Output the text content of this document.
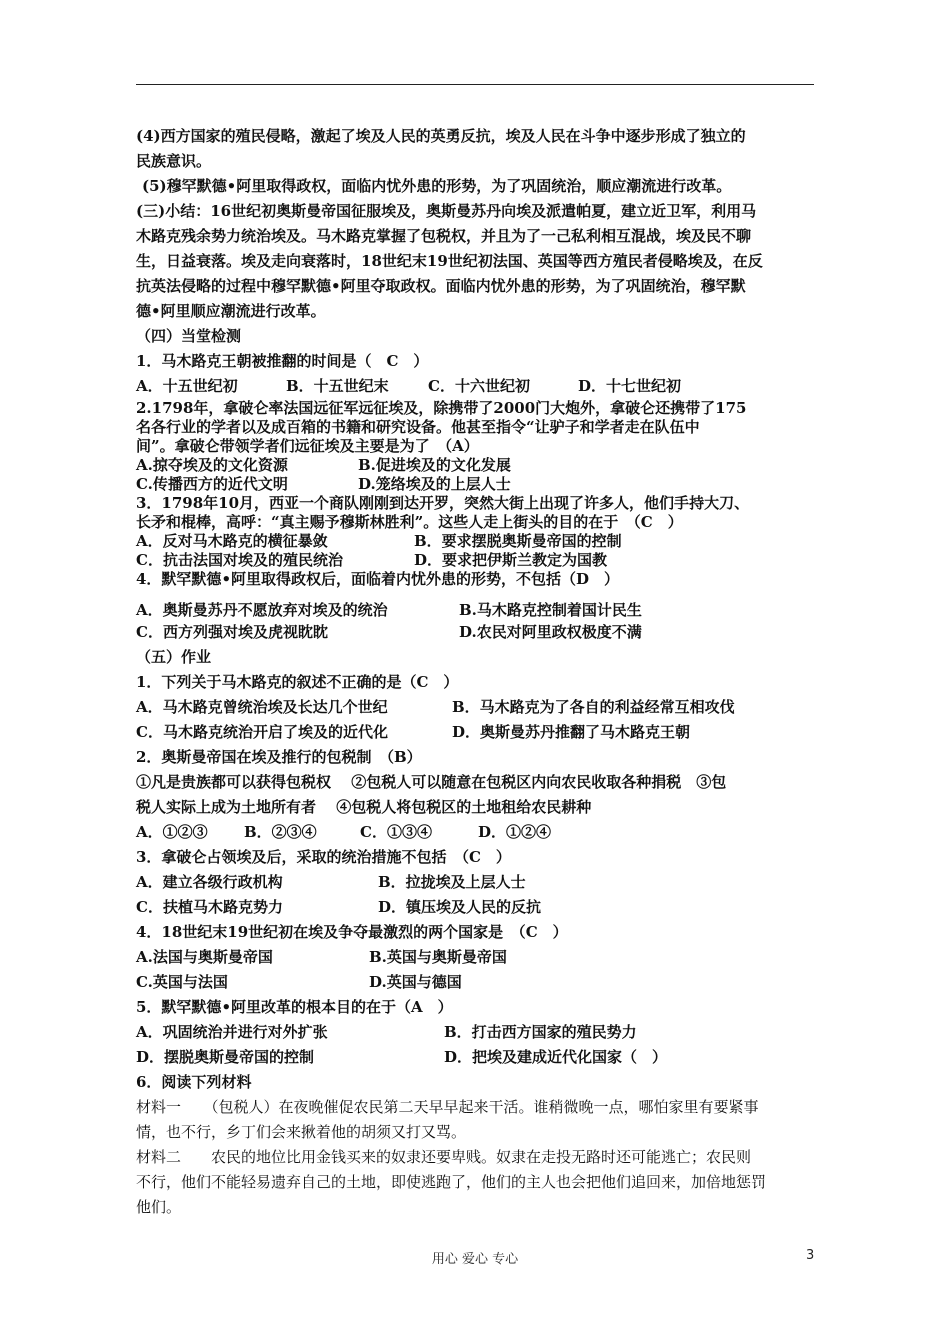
(4)西方国家的殖民侵略，激起了埃及人民的英勇反抗，埃及人民在斗争中逐步形成了独立的
民族意识。
(5)穆罕默德•阿里取得政权，面临内忧外患的形势，为了巩固统治，顺应潮流进行改革。
(三)小结：16世纪初奥斯曼帝国征服埃及，奥斯曼苏丹向埃及派遣帕夏，建立近卫军，利用马
木路克残余势力统治埃及。马木路克掌握了包税权，并且为了一己私利相互混战，埃及民不聊
生，日益衰落。埃及走向衰落时，18世纪末19世纪初法国、英国等西方殖民者侵略埃及，在反
抗英法侵略的过程中穆罕默德•阿里夺取政权。面临内忧外患的形势，为了巩固统治，穆罕默
德•阿里顺应潮流进行改革。
（四）当堂检测
1．马木路克王朝被推翻的时间是（　C　）
A．十五世纪初	B．十五世纪末	C．十六世纪初	D．十七世纪初
2.1798年，拿破仑率法国远征军远征埃及，除携带了2000门大炮外，拿破仑还携带了175
名各行业的学者以及成百箱的书籍和研究设备。他甚至指令“让驴子和学者走在队伍中
间”。拿破仑带领学者们远征埃及主要是为了　（A）
A.掠夺埃及的文化资源	B.促进埃及的文化发展
C.传播西方的近代文明	D.笼络埃及的上层人士
3．1798年10月，西亚一个商队刚刚到达开罗，突然大街上出现了许多人，他们手持大刀、
长矛和棍棒，高呼：“真主赐予穆斯林胜利”。这些人走上街头的目的在于　（C　）
A．反对马木路克的横征暴敛	B．要求摆脱奥斯曼帝国的控制
C．抗击法国对埃及的殖民统治	D．要求把伊斯兰教定为国教
4．默罕默德•阿里取得政权后，面临着内忧外患的形势，不包括（D　）
A．奥斯曼苏丹不愿放弃对埃及的统治	B.马木路克控制着国计民生
C．西方列强对埃及虎视眈眈	D.农民对阿里政权极度不满
（五）作业
1．下列关于马木路克的叙述不正确的是（C　）
A．马木路克曾统治埃及长达几个世纪	B．马木路克为了各自的利益经常互相攻伐
C．马木路克统治开启了埃及的近代化	D．奥斯曼苏丹推翻了马木路克王朝
2．奥斯曼帝国在埃及推行的包税制　（B）
①凡是贵族都可以获得包税权　 ②包税人可以随意在包税区内向农民收取各种捐税　③包
税人实际上成为土地所有者　 ④包税人将包税区的土地租给农民耕种
A．①②③	B．②③④	C．①③④	D．①②④
3．拿破仑占领埃及后，采取的统治措施不包括　（C　）
A．建立各级行政机构	B．拉拢埃及上层人士
C．扶植马木路克势力	D．镇压埃及人民的反抗
4．18世纪末19世纪初在埃及争夺最激烈的两个国家是　（C　）
A.法国与奥斯曼帝国	B.英国与奥斯曼帝国
C.英国与法国	D.英国与德国
5．默罕默德•阿里改革的根本目的在于（A　）
A．巩固统治并进行对外扩张	B．打击西方国家的殖民势力
D．摆脱奥斯曼帝国的控制	D．把埃及建成近代化国家（　）
6．阅读下列材料
材料一　　（包税人）在夜晚催促农民第二天早早起来干活。谁稍微晚一点，哪怕家里有要紧事
情，也不行，乡丁们会来揪着他的胡须又打又骂。
材料二　　农民的地位比用金钱买来的奴隶还要卑贱。奴隶在走投无路时还可能逃亡；农民则
不行，他们不能轻易遗弃自己的土地，即使逃跑了，他们的主人也会把他们追回来，加倍地惩罚
他们。
用心 爱心 专心	3
